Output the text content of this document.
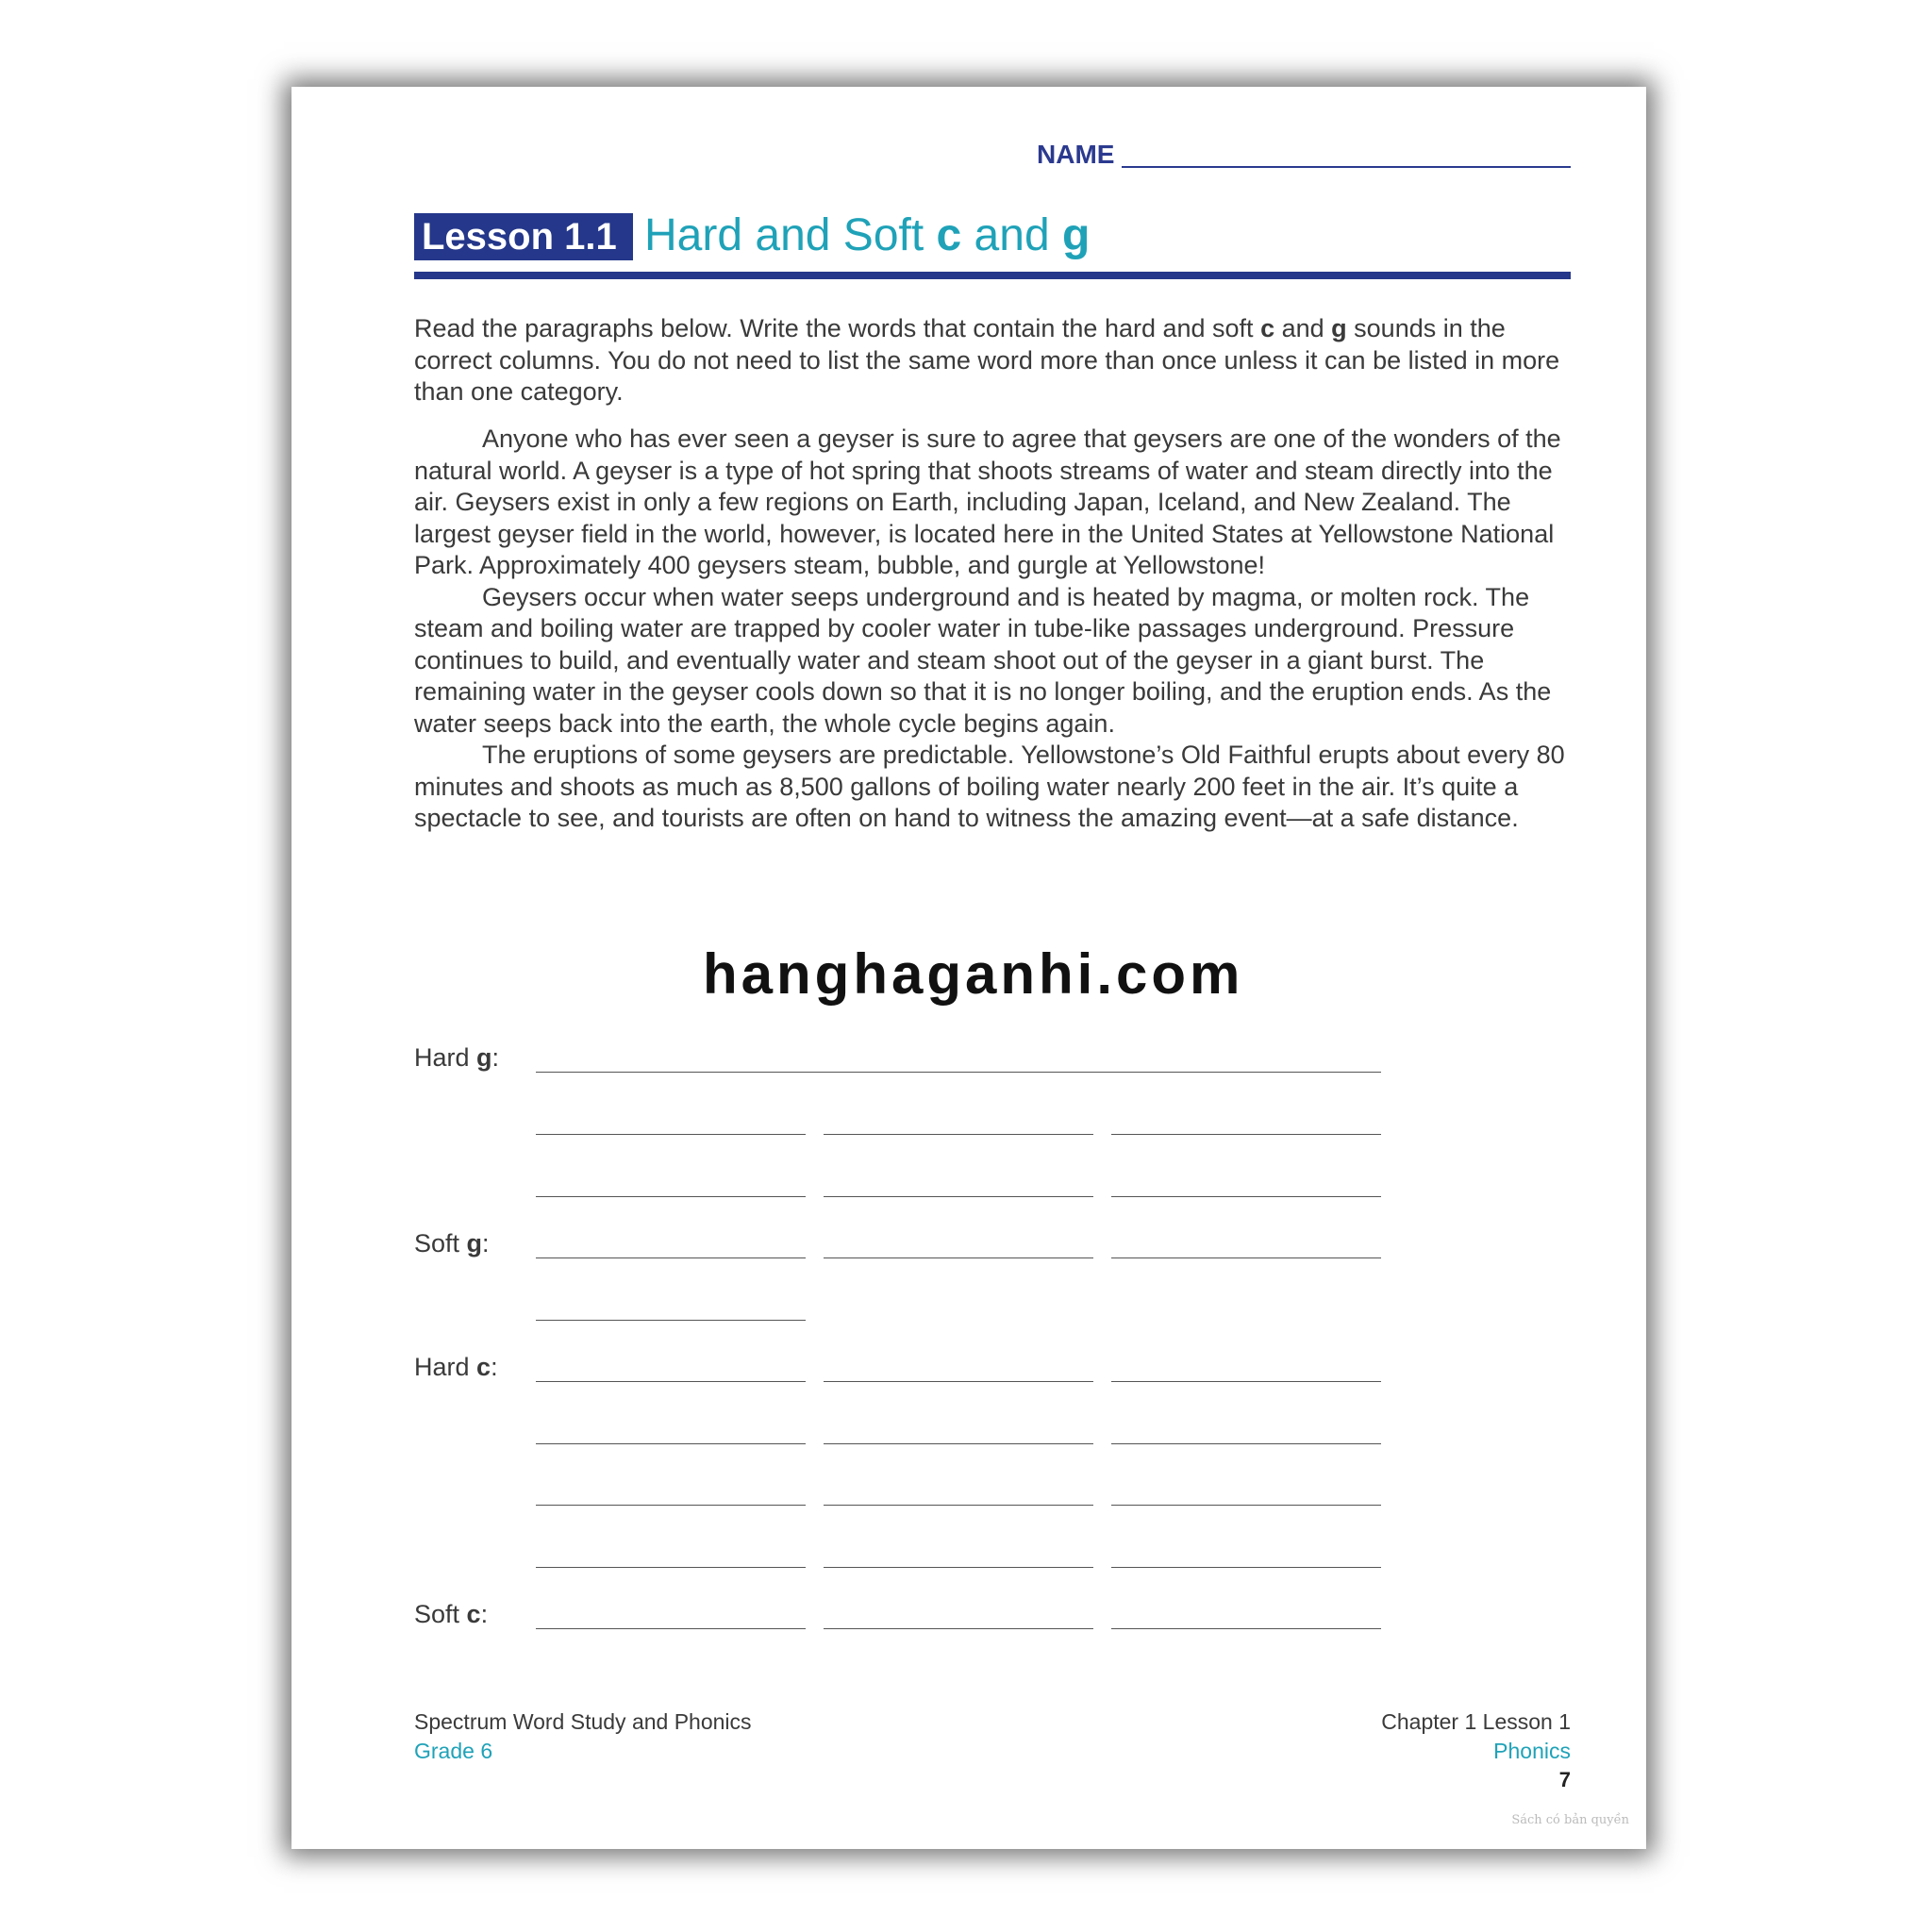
NAME
Lesson 1.1 Hard and Soft c and g
Read the paragraphs below. Write the words that contain the hard and soft c and g sounds in the correct columns. You do not need to list the same word more than once unless it can be listed in more than one category.

Anyone who has ever seen a geyser is sure to agree that geysers are one of the wonders of the natural world. A geyser is a type of hot spring that shoots streams of water and steam directly into the air. Geysers exist in only a few regions on Earth, including Japan, Iceland, and New Zealand. The largest geyser field in the world, however, is located here in the United States at Yellowstone National Park. Approximately 400 geysers steam, bubble, and gurgle at Yellowstone!

Geysers occur when water seeps underground and is heated by magma, or molten rock. The steam and boiling water are trapped by cooler water in tube-like passages underground. Pressure continues to build, and eventually water and steam shoot out of the geyser in a giant burst. The remaining water in the geyser cools down so that it is no longer boiling, and the eruption ends. As the water seeps back into the earth, the whole cycle begins again.

The eruptions of some geysers are predictable. Yellowstone’s Old Faithful erupts about every 80 minutes and shoots as much as 8,500 gallons of boiling water nearly 200 feet in the air. It’s quite a spectacle to see, and tourists are often on hand to witness the amazing event—at a safe distance.

Hard g:
Soft g:
Hard c:
Soft c:
hanghaganhi.com
Spectrum Word Study and Phonics
Grade 6
Chapter 1 Lesson 1
Phonics
7
Sách có bản quyền
